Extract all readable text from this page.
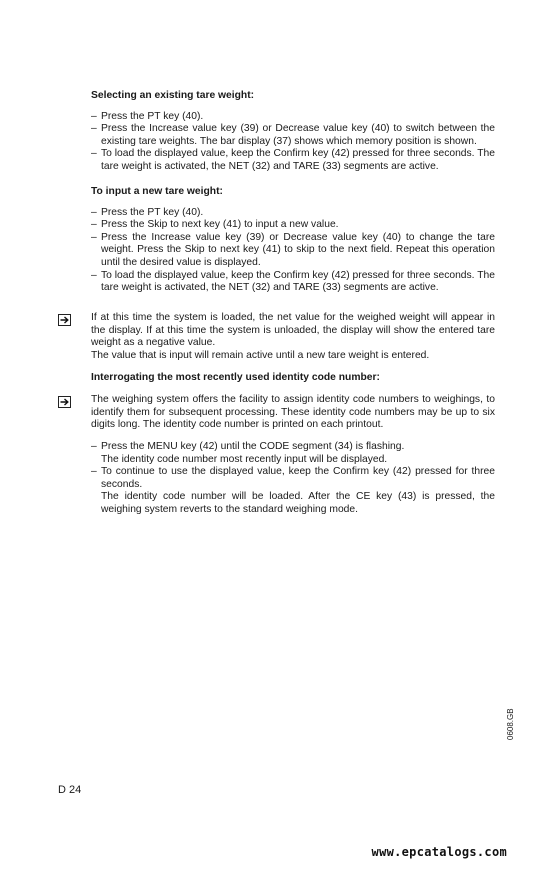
Selecting an existing tare weight:

– Press the PT key (40).
– Press the Increase value key (39) or Decrease value key (40) to switch between the existing tare weights. The bar display (37) shows which memory position is shown.
– To load the displayed value, keep the Confirm key (42) pressed for three seconds. The tare weight is activated, the NET (32) and TARE (33) segments are active.

To input a new tare weight:

– Press the PT key (40).
– Press the Skip to next key (41) to input a new value.
– Press the Increase value key (39) or Decrease value key (40) to change the tare weight. Press the Skip to next key (41) to skip to the next field. Repeat this operation until the desired value is displayed.
– To load the displayed value, keep the Confirm key (42) pressed for three seconds. The tare weight is activated, the NET (32) and TARE (33) segments are active.

If at this time the system is loaded, the net value for the weighed weight will appear in the display. If at this time the system is unloaded, the display will show the entered tare weight as a negative value.

The value that is input will remain active until a new tare weight is entered.

Interrogating the most recently used identity code number:

The weighing system offers the facility to assign identity code numbers to weighings, to identify them for subsequent processing. These identity code numbers may be up to six digits long. The identity code number is printed on each printout.

– Press the MENU key (42) until the CODE segment (34) is flashing.
The identity code number most recently input will be displayed.
– To continue to use the displayed value, keep the Confirm key (42) pressed for three seconds.
The identity code number will be loaded. After the CE key (43) is pressed, the weighing system reverts to the standard weighing mode.
0608.GB
D 24
www.epcatalogs.com
